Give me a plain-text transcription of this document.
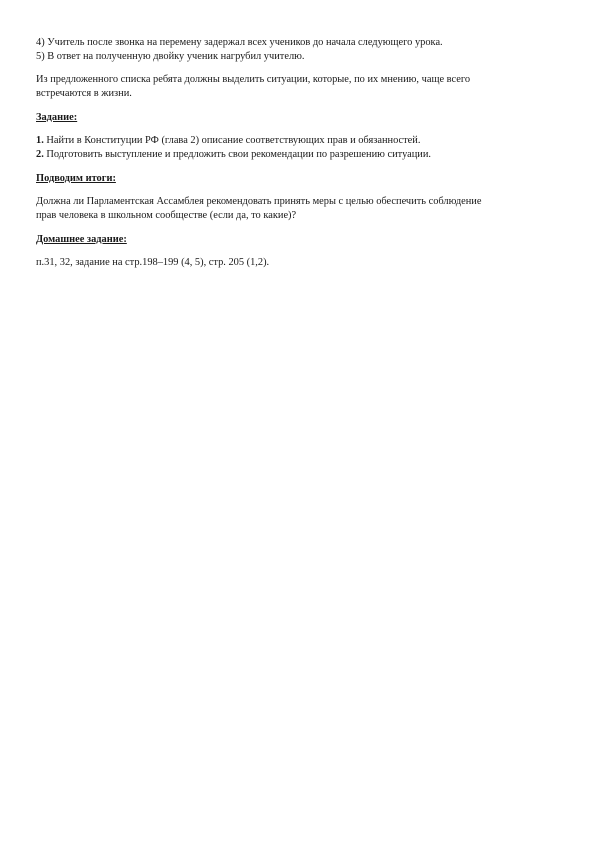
4) Учитель после звонка на перемену задержал всех учеников до начала следующего урока.
5) В ответ на полученную двойку ученик нагрубил учителю.
Из предложенного списка ребята должны выделить ситуации, которые, по их мнению, чаще всего
встречаются в жизни.
Задание:
1. Найти в Конституции РФ (глава 2) описание соответствующих прав и обязанностей.
2. Подготовить выступление и предложить свои рекомендации по разрешению ситуации.
Подводим итоги:
Должна ли Парламентская Ассамблея рекомендовать принять меры с целью обеспечить соблюдение
прав человека в школьном сообществе (если да, то какие)?
Домашнее задание:
п.31, 32, задание на стр.198–199 (4, 5), стр. 205 (1,2).
